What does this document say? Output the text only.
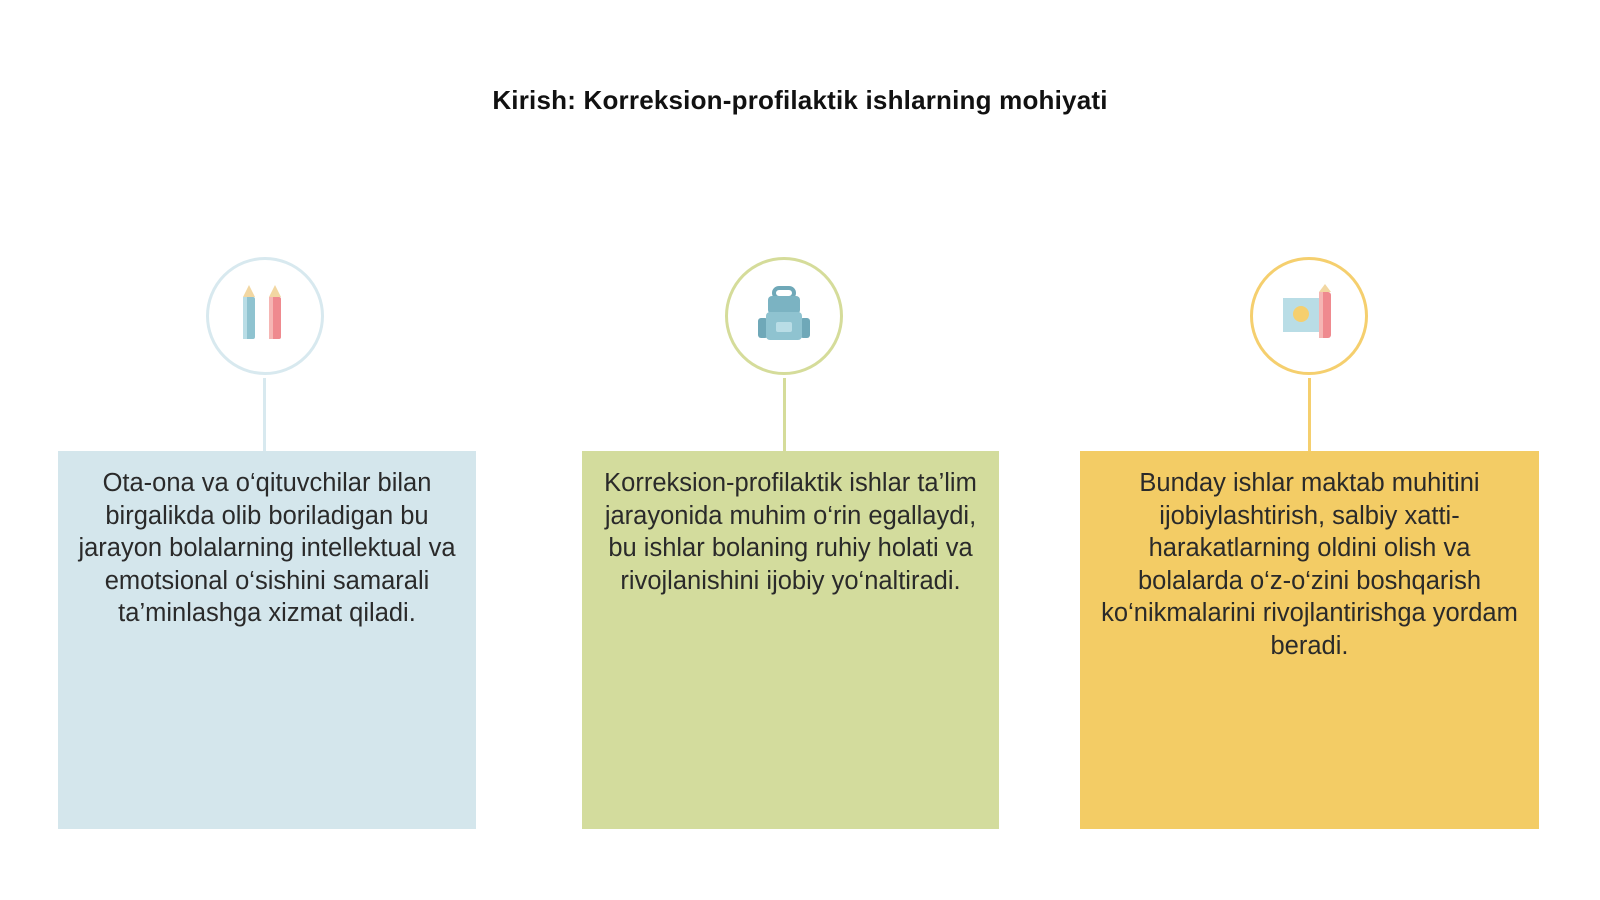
Kirish: Korreksion-profilaktik ishlarning mohiyati
Ota-ona va o‘qituvchilar bilan birgalikda olib boriladigan bu jarayon bolalarning intellektual va emotsional o‘sishini samarali ta’minlashga xizmat qiladi.
Korreksion-profilaktik ishlar ta’lim jarayonida muhim o‘rin egallaydi, bu ishlar bolaning ruhiy holati va rivojlanishini ijobiy yo‘naltiradi.
Bunday ishlar maktab muhitini ijobiylashtirish, salbiy xatti-harakatlarning oldini olish va bolalarda o‘z-o‘zini boshqarish ko‘nikmalarini rivojlantirishga yordam beradi.
